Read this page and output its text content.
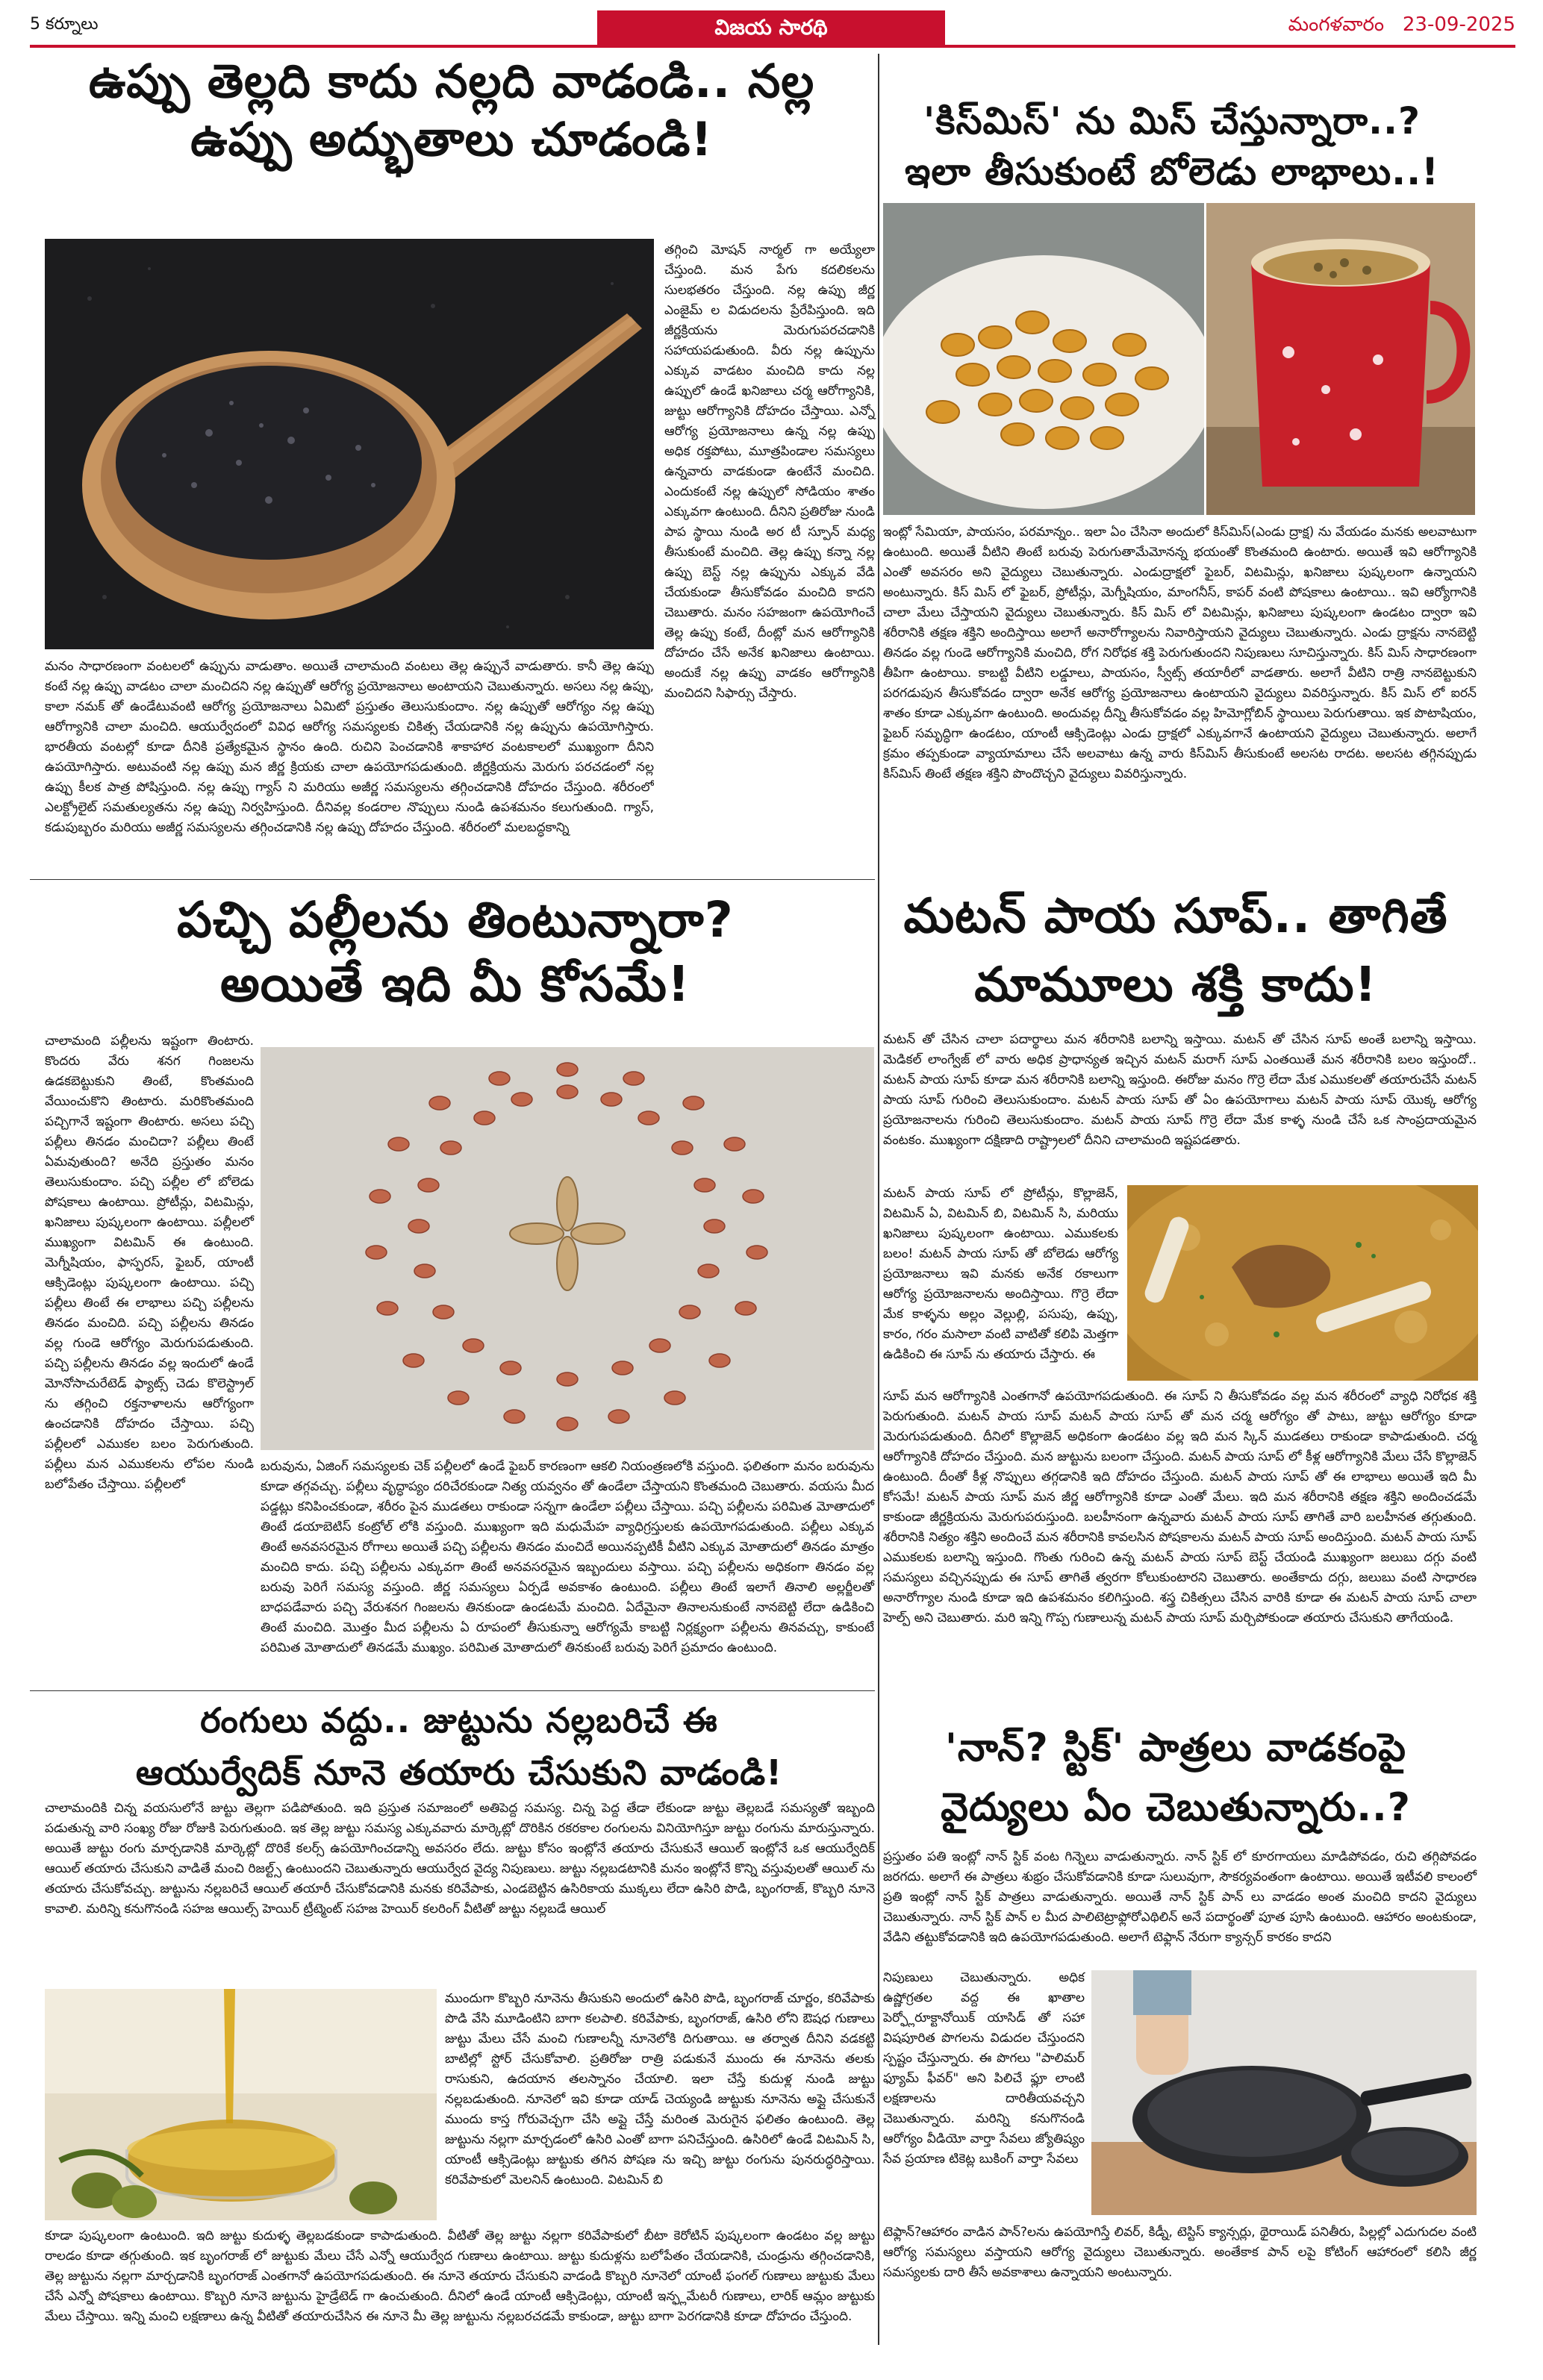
5 కర్నూలు	విజయ సారథి	మంగళవారం 23-09-2025
ఉప్పు తెల్లది కాదు నల్లది వాడండి.. నల్ల
ఉప్పు అద్భుతాలు చూడండి!
తగ్గించి మోషన్ నార్మల్ గా అయ్యేలా చేస్తుంది. మన పేగు కదలికలను సులభతరం చేస్తుంది. నల్ల ఉప్పు జీర్ణ ఎంజైమ్ ల విడుదలను ప్రేరేపిస్తుంది. ఇది జీర్ణక్రియను మెరుగుపరచడానికి సహాయపడుతుంది. వీరు నల్ల ఉప్పును ఎక్కువ వాడటం మంచిది కాదు నల్ల ఉప్పులో ఉండే ఖనిజాలు చర్మ ఆరోగ్యానికి, జుట్టు ఆరోగ్యానికి దోహదం చేస్తాయి. ఎన్నో ఆరోగ్య ప్రయోజనాలు ఉన్న నల్ల ఉప్పు అధిక రక్తపోటు, మూత్రపిండాల సమస్యలు ఉన్నవారు వాడకుండా ఉంటేనే మంచిది. ఎందుకంటే నల్ల ఉప్పులో సోడియం శాతం ఎక్కువగా ఉంటుంది. దీనిని ప్రతిరోజు నుండి పాప స్థాయి నుండి అర టీ స్పూన్ మధ్య తీసుకుంటే మంచిది. తెల్ల ఉప్పు కన్నా నల్ల ఉప్పు బెస్ట్ నల్ల ఉప్పును ఎక్కువ వేడి చేయకుండా తీసుకోవడం మంచిది కాదని చెబుతారు. మనం సహజంగా ఉపయోగించే తెల్ల ఉప్పు కంటే, దీంట్లో మన ఆరోగ్యానికి దోహదం చేసే అనేక ఖనిజాలు ఉంటాయి. అందుకే నల్ల ఉప్పు వాడకం ఆరోగ్యానికి మంచిదని సిఫార్సు చేస్తారు.
మనం సాధారణంగా వంటలలో ఉప్పును వాడుతాం. అయితే చాలామంది వంటలు తెల్ల ఉప్పునే వాడుతారు. కానీ తెల్ల ఉప్పు కంటే నల్ల ఉప్పు వాడటం చాలా మంచిదని నల్ల ఉప్పుతో ఆరోగ్య ప్రయోజనాలు అంటాయని చెబుతున్నారు. అసలు నల్ల ఉప్పు, కాలా నమక్ తో ఉండేటువంటి ఆరోగ్య ప్రయోజనాలు ఏమిటో ప్రస్తుతం తెలుసుకుందాం. నల్ల ఉప్పుతో ఆరోగ్యం నల్ల ఉప్పు ఆరోగ్యానికి చాలా మంచిది. ఆయుర్వేదంలో వివిధ ఆరోగ్య సమస్యలకు చికిత్స చేయడానికి నల్ల ఉప్పును ఉపయోగిస్తారు. భారతీయ వంటల్లో కూడా దీనికి ప్రత్యేకమైన స్థానం ఉంది. రుచిని పెంచడానికి శాకాహార వంటకాలలో ముఖ్యంగా దీనిని ఉపయోగిస్తారు. అటువంటి నల్ల ఉప్పు మన జీర్ణ క్రియకు చాలా ఉపయోగపడుతుంది. జీర్ణక్రియను మెరుగు పరచడంలో నల్ల ఉప్పు కీలక పాత్ర పోషిస్తుంది. నల్ల ఉప్పు గ్యాస్ ని మరియు అజీర్ణ సమస్యలను తగ్గించడానికి దోహదం చేస్తుంది. శరీరంలో ఎలక్ట్రోలైట్ సమతుల్యతను నల్ల ఉప్పు నిర్వహిస్తుంది. దీనివల్ల కండరాల నొప్పులు నుండి ఉపశమనం కలుగుతుంది. గ్యాస్, కడుపుబ్బరం మరియు అజీర్ణ సమస్యలను తగ్గించడానికి నల్ల ఉప్పు దోహదం చేస్తుంది. శరీరంలో మలబద్ధకాన్ని
'కిస్‌మిస్' ను మిస్ చేస్తున్నారా..?
ఇలా తీసుకుంటే బోలెడు లాభాలు..!
ఇంట్లో సేమియా, పాయసం, పరమాన్నం.. ఇలా ఏం చేసినా అందులో కిస్‌మిస్(ఎండు ద్రాక్ష) ను వేయడం మనకు అలవాటుగా ఉంటుంది. అయితే వీటిని తింటే బరువు పెరుగుతామేమోనన్న భయంతో కొంతమంది ఉంటారు. అయితే ఇవి ఆరోగ్యానికి ఎంతో అవసరం అని వైద్యులు చెబుతున్నారు. ఎండుద్రాక్షలో ఫైబర్, విటమిన్లు, ఖనిజాలు పుష్కలంగా ఉన్నాయని అంటున్నారు. కిస్ మిస్ లో ఫైబర్, ప్రోటీన్లు, మెగ్నీషియం, మాంగనీస్, కాపర్ వంటి పోషకాలు ఉంటాయి.. ఇవి ఆర్యోగానికి చాలా మేలు చేస్తాయని వైద్యులు చెబుతున్నారు. కిస్ మిస్ లో విటమిన్లు, ఖనిజాలు పుష్కలంగా ఉండటం ద్వారా ఇవి శరీరానికి తక్షణ శక్తిని అందిస్తాయి అలాగే అనారోగ్యాలను నివారిస్తాయని వైద్యులు చెబుతున్నారు. ఎండు ద్రాక్షను నానబెట్టి తినడం వల్ల గుండె ఆరోగ్యానికి మంచిది, రోగ నిరోధక శక్తి పెరుగుతుందని నిపుణులు సూచిస్తున్నారు. కిస్ మిస్ సాధారణంగా తీపిగా ఉంటాయి. కాబట్టి వీటిని లడ్డూలు, పాయసం, స్వీట్స్ తయారీలో వాడతారు. అలాగే వీటిని రాత్రి నానబెట్టుకుని పరగడుపున తీసుకోవడం ద్వారా అనేక ఆరోగ్య ప్రయోజనాలు ఉంటాయని వైద్యులు వివరిస్తున్నారు. కిస్ మిస్ లో ఐరన్ శాతం కూడా ఎక్కువగా ఉంటుంది. అందువల్ల దీన్ని తీసుకోవడం వల్ల హిమోగ్లోబిన్ స్థాయిలు పెరుగుతాయి. ఇక పొటాషియం, ఫైబర్ సమృద్ధిగా ఉండటం, యాంటీ ఆక్సిడెంట్లు ఎండు ద్రాక్షలో ఎక్కువగానే ఉంటాయని వైద్యులు చెబుతున్నారు. అలాగే క్రమం తప్పకుండా వ్యాయామాలు చేసే అలవాటు ఉన్న వారు కిస్‌మిస్ తీసుకుంటే అలసట రాదట. అలసట తగ్గినప్పుడు కిస్‌మిస్ తింటే తక్షణ శక్తిని పొందొచ్చని వైద్యులు వివరిస్తున్నారు.
పచ్చి పల్లీలను తింటున్నారా?
అయితే ఇది మీ కోసమే!
చాలామంది పల్లీలను ఇష్టంగా తింటారు. కొందరు వేరు శనగ గింజలను ఉడకబెట్టుకుని తింటే, కొంతమంది వేయించుకొని తింటారు. మరికొంతమంది పచ్చిగానే ఇష్టంగా తింటారు. అసలు పచ్చి పల్లీలు తినడం మంచిదా? పల్లీలు తింటే ఏమవుతుంది? అనేది ప్రస్తుతం మనం తెలుసుకుందాం. పచ్చి పల్లీల లో బోలెడు పోషకాలు ఉంటాయి. ప్రోటీన్లు, విటమిన్లు, ఖనిజాలు పుష్కలంగా ఉంటాయి. పల్లీలలో ముఖ్యంగా విటమిన్ ఈ ఉంటుంది. మెగ్నీషియం, ఫాస్ఫరస్, ఫైబర్, యాంటీ ఆక్సిడెంట్లు పుష్కలంగా ఉంటాయి. పచ్చి పల్లీలు తింటే ఈ లాభాలు పచ్చి పల్లీలను తినడం మంచిది. పచ్చి పల్లీలను తినడం వల్ల గుండె ఆరోగ్యం మెరుగుపడుతుంది. పచ్చి పల్లీలను తినడం వల్ల ఇందులో ఉండే మోనోసాచురేటెడ్ ఫ్యాట్స్ చెడు కొలెస్ట్రాల్ ను తగ్గించి రక్తనాళాలను ఆరోగ్యంగా ఉంచడానికి దోహదం చేస్తాయి. పచ్చి పల్లీలలో ఎముకల బలం పెరుగుతుంది. పల్లీలు మన ఎముకలను లోపల నుండి బలోపేతం చేస్తాయి. పల్లీలలో
బరువును, ఏజింగ్ సమస్యలకు చెక్ పల్లీలలో ఉండే ఫైబర్ కారణంగా ఆకలి నియంత్రణలోకి వస్తుంది. ఫలితంగా మనం బరువును కూడా తగ్గవచ్చు. పల్లీలు వృద్ధాప్యం దరిచేరకుండా నిత్య యవ్వనం తో ఉండేలా చేస్తాయని కొంతమంది చెబుతారు. వయసు మీద పడ్డట్లు కనిపించకుండా, శరీరం పైన ముడతలు రాకుండా సన్నగా ఉండేలా పల్లీలు చేస్తాయి. పచ్చి పల్లీలను పరిమిత మోతాదులో తింటే డయాబెటిస్ కంట్రోల్ లోకి వస్తుంది. ముఖ్యంగా ఇది మధుమేహ వ్యాధిగ్రస్తులకు ఉపయోగపడుతుంది. పల్లీలు ఎక్కువ తింటే అనవసరమైన రోగాలు అయితే పచ్చి పల్లీలను తినడం మంచిదే అయినప్పటికీ వీటిని ఎక్కువ మోతాదులో తినడం మాత్రం మంచిది కాదు. పచ్చి పల్లీలను ఎక్కువగా తింటే అనవసరమైన ఇబ్బందులు వస్తాయి. పచ్చి పల్లీలను అధికంగా తినడం వల్ల బరువు పెరిగే సమస్య వస్తుంది. జీర్ణ సమస్యలు ఏర్పడే అవకాశం ఉంటుంది. పల్లీలు తింటే ఇలాగే తినాలి అల్లర్జీలతో బాధపడేవారు పచ్చి వేరుశనగ గింజలను తినకుండా ఉండటమే మంచిది. ఏదేమైనా తినాలనుకుంటే నానబెట్టి లేదా ఉడికించి తింటే మంచిది. మొత్తం మీద పల్లీలను ఏ రూపంలో తీసుకున్నా ఆరోగ్యమే కాబట్టి నిర్లక్ష్యంగా పల్లీలను తినవచ్చు, కాకుంటే పరిమిత మోతాదులో తినడమే ముఖ్యం. పరిమిత మోతాదులో తినకుంటే బరువు పెరిగే ప్రమాదం ఉంటుంది.
మటన్ పాయ సూప్.. తాగితే
మామూలు శక్తి కాదు!
మటన్ తో చేసిన చాలా పదార్థాలు మన శరీరానికి బలాన్ని ఇస్తాయి. మటన్ తో చేసిన సూప్ అంతే బలాన్ని ఇస్తాయి. మెడికల్ లాంగ్వేజ్ లో వారు అధిక ప్రాధాన్యత ఇచ్చిన మటన్ మరాగ్ సూప్ ఎంతయితే మన శరీరానికి బలం ఇస్తుందో.. మటన్ పాయ సూప్ కూడా మన శరీరానికి బలాన్ని ఇస్తుంది. ఈరోజు మనం గొర్రె లేదా మేక ఎముకలతో తయారుచేసే మటన్ పాయ సూప్ గురించి తెలుసుకుందాం. మటన్ పాయ సూప్ తో ఏం ఉపయోగాలు మటన్ పాయ సూప్ యొక్క ఆరోగ్య ప్రయోజనాలను గురించి తెలుసుకుందాం. మటన్ పాయ సూప్ గొర్రె లేదా మేక కాళ్ళ నుండి చేసే ఒక సాంప్రదాయమైన వంటకం. ముఖ్యంగా దక్షిణాది రాష్ట్రాలలో దీనిని చాలామంది ఇష్టపడతారు.
మటన్ పాయ సూప్ లో ప్రోటీన్లు, కొల్లాజెన్, విటమిన్ ఏ, విటమిన్ బి, విటమిన్ సి, మరియు ఖనిజాలు పుష్కలంగా ఉంటాయి. ఎముకలకు బలం! మటన్ పాయ సూప్ తో బోలెడు ఆరోగ్య ప్రయోజనాలు ఇవి మనకు అనేక రకాలుగా ఆరోగ్య ప్రయోజనాలను అందిస్తాయి. గొర్రె లేదా మేక కాళ్ళను అల్లం వెల్లుల్లి, పసుపు, ఉప్పు, కారం, గరం మసాలా వంటి వాటితో కలిపి మెత్తగా ఉడికించి ఈ సూప్ ను తయారు చేస్తారు. ఈ
సూప్ మన ఆరోగ్యానికి ఎంతగానో ఉపయోగపడుతుంది. ఈ సూప్ ని తీసుకోవడం వల్ల మన శరీరంలో వ్యాధి నిరోధక శక్తి పెరుగుతుంది. మటన్ పాయ సూప్ మటన్ పాయ సూప్ తో మన చర్మ ఆరోగ్యం తో పాటు, జుట్టు ఆరోగ్యం కూడా మెరుగుపడుతుంది. దీనిలో కొల్లాజెన్ అధికంగా ఉండటం వల్ల ఇది మన స్కిన్ ముడతలు రాకుండా కాపాడుతుంది. చర్మ ఆరోగ్యానికి దోహదం చేస్తుంది. మన జుట్టును బలంగా చేస్తుంది. మటన్ పాయ సూప్ లో కీళ్ల ఆరోగ్యానికి మేలు చేసే కొల్లాజెన్ ఉంటుంది. దీంతో కీళ్ల నొప్పులు తగ్గడానికి ఇది దోహదం చేస్తుంది. మటన్ పాయ సూప్ తో ఈ లాభాలు అయితే ఇది మీ కోసమే! మటన్ పాయ సూప్ మన జీర్ణ ఆరోగ్యానికి కూడా ఎంతో మేలు. ఇది మన శరీరానికి తక్షణ శక్తిని అందించడమే కాకుండా జీర్ణక్రియను మెరుగుపరుస్తుంది. బలహీనంగా ఉన్నవారు మటన్ పాయ సూప్ తాగితే వారి బలహీనత తగ్గుతుంది. శరీరానికి నిత్యం శక్తిని అందించే మన శరీరానికి కావలసిన పోషకాలను మటన్ పాయ సూప్ అందిస్తుంది. మటన్ పాయ సూప్ ఎముకలకు బలాన్ని ఇస్తుంది. గొంతు గురించి ఉన్న మటన్ పాయ సూప్ బెస్ట్ చేయండి ముఖ్యంగా జలుబు దగ్గు వంటి సమస్యలు వచ్చినప్పుడు ఈ సూప్ తాగితే త్వరగా కోలుకుంటారని చెబుతారు. అంతేకాదు దగ్గు, జలుబు వంటి సాధారణ అనారోగ్యాల నుండి కూడా ఇది ఉపశమనం కలిగిస్తుంది. శస్త్ర చికిత్సలు చేసిన వారికి కూడా ఈ మటన్ పాయ సూప్ చాలా హెల్ప్ అని చెబుతారు. మరి ఇన్ని గొప్ప గుణాలున్న మటన్ పాయ సూప్ మర్చిపోకుండా తయారు చేసుకుని తాగేయండి.
రంగులు వద్దు.. జుట్టును నల్లబరిచే ఈ
ఆయుర్వేదిక్ నూనె తయారు చేసుకుని వాడండి!
చాలామందికి చిన్న వయసులోనే జుట్టు తెల్లగా పడిపోతుంది. ఇది ప్రస్తుత సమాజంలో అతిపెద్ద సమస్య. చిన్న పెద్ద తేడా లేకుండా జుట్టు తెల్లబడే సమస్యతో ఇబ్బంది పడుతున్న వారి సంఖ్య రోజు రోజుకి పెరుగుతుంది. ఇక తెల్ల జుట్టు సమస్య ఎక్కువవారు మార్కెట్లో దొరికిన రకరకాల రంగులను వినియోగిస్తూ జుట్టు రంగును మారుస్తున్నారు. అయితే జుట్టు రంగు మార్చడానికి మార్కెట్లో దొరికే కలర్స్ ఉపయోగించడాన్ని అవసరం లేదు. జుట్టు కోసం ఇంట్లోనే తయారు చేసుకునే ఆయిల్ ఇంట్లోనే ఒక ఆయుర్వేదిక్ ఆయిల్ తయారు చేసుకుని వాడితే మంచి రిజల్ట్స్ ఉంటుందని చెబుతున్నారు ఆయుర్వేద వైద్య నిపుణులు. జుట్టు నల్లబడటానికి మనం ఇంట్లోనే కొన్ని వస్తువులతో ఆయిల్ ను తయారు చేసుకోవచ్చు. జుట్టును నల్లబరిచే ఆయిల్ తయారీ చేసుకోవడానికి మనకు కరివేపాకు, ఎండబెట్టిన ఉసిరికాయ ముక్కలు లేదా ఉసిరి పొడి, బృంగరాజ్, కొబ్బరి నూనె కావాలి. మరిన్ని కనుగొనండి సహజ ఆయిల్స్ హెయిర్ ట్రీట్మెంట్ సహజ హెయిర్ కలరింగ్ వీటితో జుట్టు నల్లబడే ఆయిల్
ముందుగా కొబ్బరి నూనెను తీసుకుని అందులో ఉసిరి పొడి, బృంగరాజ్ చూర్ణం, కరివేపాకు పొడి వేసి మూడింటిని బాగా కలపాలి. కరివేపాకు, బృంగరాజ్, ఉసిరి లోని ఔషధ గుణాలు జుట్టు మేలు చేసే మంచి గుణాలన్నీ నూనెలోకి దిగుతాయి. ఆ తర్వాత దీనిని వడకట్టి బాటిల్లో స్టోర్ చేసుకోవాలి. ప్రతిరోజు రాత్రి పడుకునే ముందు ఈ నూనెను తలకు రాసుకుని, ఉదయాన తలస్నానం చేయాలి. ఇలా చేస్తే కుదుళ్ల నుండి జుట్టు నల్లబడుతుంది. నూనెలో ఇవి కూడా యాడ్ చెయ్యండి జుట్టుకు నూనెను అప్లై చేసుకునే ముందు కాస్త గోరువెచ్చగా చేసి అప్లై చేస్తే మరింత మెరుగైన ఫలితం ఉంటుంది. తెల్ల జుట్టును నల్లగా మార్చడంలో ఉసిరి ఎంతో బాగా పనిచేస్తుంది. ఉసిరిలో ఉండే విటమిన్ సి, యాంటీ ఆక్సిడెంట్లు జుట్టుకు తగిన పోషణ ను ఇచ్చి జుట్టు రంగును పునరుద్ధరిస్తాయి. కరివేపాకులో మెలనిన్ ఉంటుంది. విటమిన్ బి
కూడా పుష్కలంగా ఉంటుంది. ఇది జుట్టు కుదుళ్ళ తెల్లబడకుండా కాపాడుతుంది. వీటితో తెల్ల జుట్టు నల్లగా కరివేపాకులో బీటా కెరోటిన్ పుష్కలంగా ఉండటం వల్ల జుట్టు రాలడం కూడా తగ్గుతుంది. ఇక బృంగరాజ్ లో జుట్టుకు మేలు చేసే ఎన్నో ఆయుర్వేద గుణాలు ఉంటాయి. జుట్టు కుదుళ్లను బలోపేతం చేయడానికి, చుండ్రును తగ్గించడానికి, తెల్ల జుట్టును నల్లగా మార్చడానికి బృంగరాజ్ ఎంతగానో ఉపయోగపడుతుంది. ఈ నూనె తయారు చేసుకుని వాడండి కొబ్బరి నూనెలో యాంటీ ఫంగల్ గుణాలు జుట్టుకు మేలు చేసే ఎన్నో పోషకాలు ఉంటాయి. కొబ్బరి నూనె జుట్టును హైడ్రేటెడ్ గా ఉంచుతుంది. దీనిలో ఉండే యాంటీ ఆక్సిడెంట్లు, యాంటీ ఇన్ఫ్లమేటరీ గుణాలు, లారిక్ ఆమ్లం జుట్టుకు మేలు చేస్తాయి. ఇన్ని మంచి లక్షణాలు ఉన్న వీటితో తయారుచేసిన ఈ నూనె మీ తెల్ల జుట్టును నల్లబరచడమే కాకుండా, జుట్టు బాగా పెరగడానికి కూడా దోహదం చేస్తుంది.
'నాన్? స్టిక్' పాత్రలు వాడకంపై
వైద్యులు ఏం చెబుతున్నారు..?
ప్రస్తుతం పతి ఇంట్లో నాన్ స్టిక్ వంట గిన్నెలు వాడుతున్నారు. నాన్ స్టిక్ లో కూరగాయలు మాడిపోవడం, రుచి తగ్గిపోవడం జరగదు. అలాగే ఈ పాత్రలు శుభ్రం చేసుకోవడానికి కూడా సులువుగా, సౌకర్యవంతంగా ఉంటాయి. అయితే ఇటీవలి కాలంలో ప్రతి ఇంట్లో నాన్ స్టిక్ పాత్రలు వాడుతున్నారు. అయితే నాన్ స్టిక్ పాన్ లు వాడడం అంత మంచిది కాదని వైద్యులు చెబుతున్నారు. నాన్ స్టిక్ పాన్ ల మీద పాలిటెట్రాఫ్లోరోఎథిలిన్ అనే పదార్థంతో పూత పూసి ఉంటుంది. ఆహారం అంటకుండా, వేడిని తట్టుకోవడానికి ఇది ఉపయోగపడుతుంది. అలాగే టెఫ్లాన్ నేరుగా క్యాన్సర్ కారకం కాదని
నిపుణులు చెబుతున్నారు. అధిక ఉష్ణోగ్రతల వద్ద ఈ ఖాతాల పెర్ఫ్లోరూక్టానోయిక్ యాసిడ్ తో సహా విషపూరిత పొగలను విడుదల చేస్తుందని స్పష్టం చేస్తున్నారు. ఈ పొగలు "పాలిమర్ ఫ్యూమ్ ఫీవర్" అని పిలిచే ఫ్లూ లాంటి లక్షణాలను దారితీయవచ్చని చెబుతున్నారు. మరిన్ని కనుగొనండి ఆరోగ్యం వీడియో వార్తా సేవలు జ్యోతిష్యం సేవ ప్రయాణ టికెట్ల బుకింగ్ వార్తా సేవలు
టెఫ్లాన్?ఆహారం వాడిన పాన్?లను ఉపయోగిస్తే లివర్, కిడ్నీ, టెస్టిస్ క్యాన్సర్లు, థైరాయిడ్ పనితీరు, పిల్లల్లో ఎదుగుదల వంటి ఆరోగ్య సమస్యలు వస్తాయని ఆరోగ్య వైద్యులు చెబుతున్నారు. అంతేకాక పాన్ లపై కోటింగ్ ఆహారంలో కలిసి జీర్ణ సమస్యలకు దారి తీసే అవకాశాలు ఉన్నాయని అంటున్నారు.
